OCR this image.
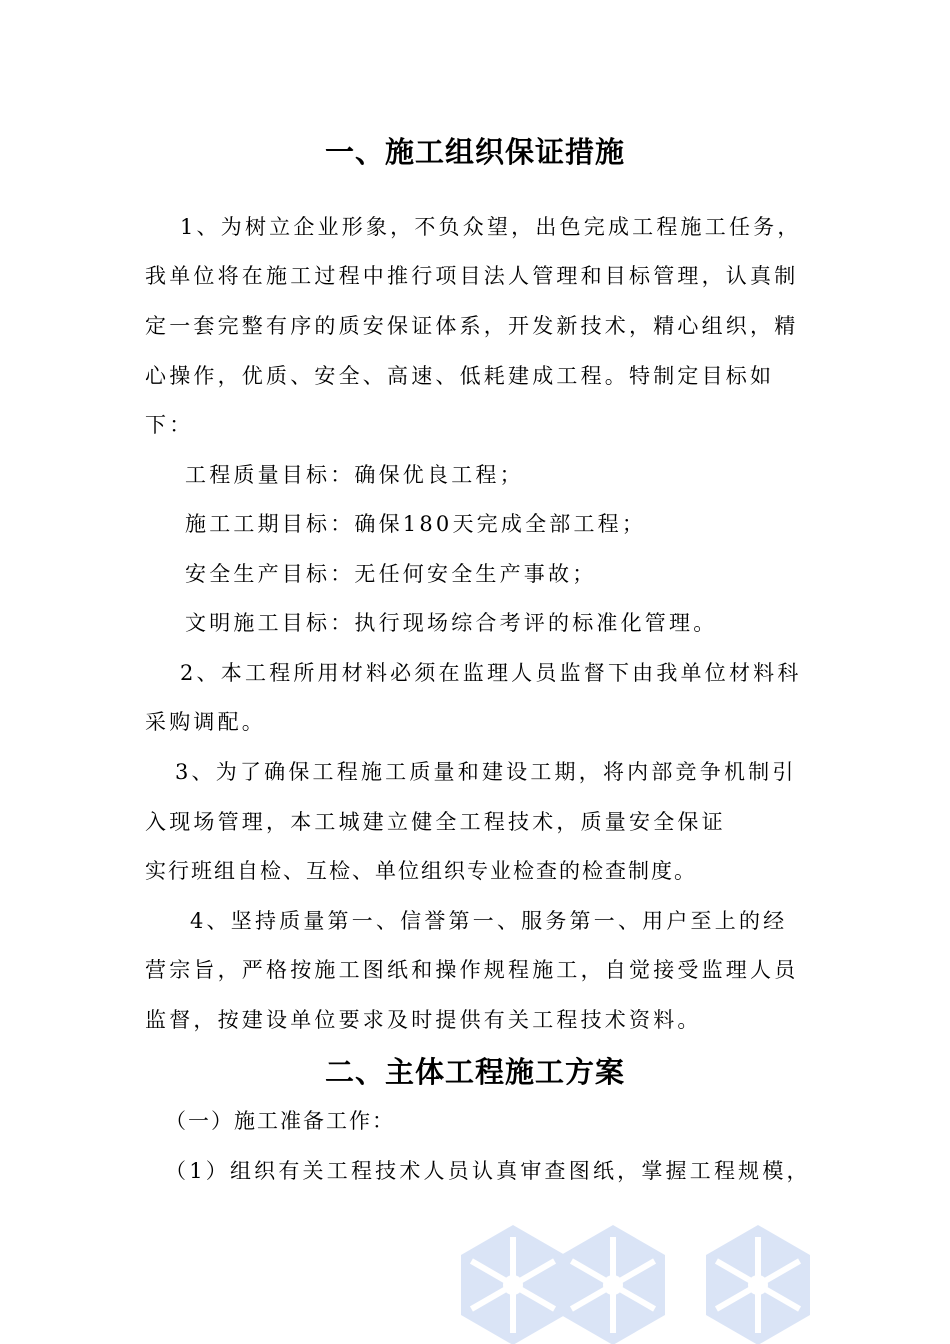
一、施工组织保证措施
1、为树立企业形象，不负众望，出色完成工程施工任务，
我单位将在施工过程中推行项目法人管理和目标管理，认真制
定一套完整有序的质安保证体系，开发新技术，精心组织，精
心操作，优质、安全、高速、低耗建成工程。特制定目标如
下：
工程质量目标：确保优良工程；
施工工期目标：确保180天完成全部工程；
安全生产目标：无任何安全生产事故；
文明施工目标：执行现场综合考评的标准化管理。
2、本工程所用材料必须在监理人员监督下由我单位材料科
采购调配。
3、为了确保工程施工质量和建设工期，将内部竞争机制引
入现场管理，本工城建立健全工程技术，质量安全保证
实行班组自检、互检、单位组织专业检查的检查制度。
4、坚持质量第一、信誉第一、服务第一、用户至上的经
营宗旨，严格按施工图纸和操作规程施工，自觉接受监理人员
监督，按建设单位要求及时提供有关工程技术资料。
二、主体工程施工方案
（一）施工准备工作：
（1）组织有关工程技术人员认真审查图纸，掌握工程规模，
